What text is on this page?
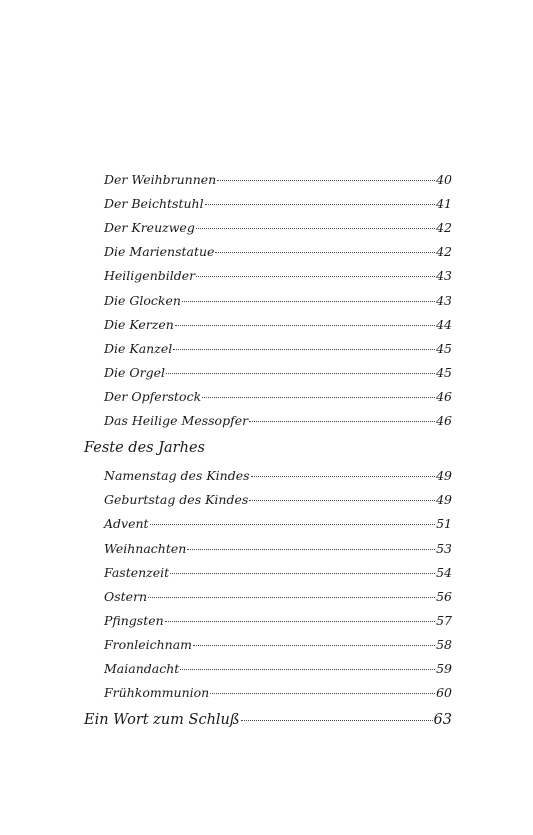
Der Weihbrunnen	40
Der Beichtstuhl	41
Der Kreuzweg	42
Die Marienstatue	42
Heiligenbilder	43
Die Glocken	43
Die Kerzen	44
Die Kanzel	45
Die Orgel	45
Der Opferstock	46
Das Heilige Messopfer	46
Feste des Jarhes
Namenstag des Kindes	49
Geburtstag des Kindes	49
Advent	51
Weihnachten	53
Fastenzeit	54
Ostern	56
Pfingsten	57
Fronleichnam	58
Maiandacht	59
Frühkommunion	60
Ein Wort zum Schluß	63
